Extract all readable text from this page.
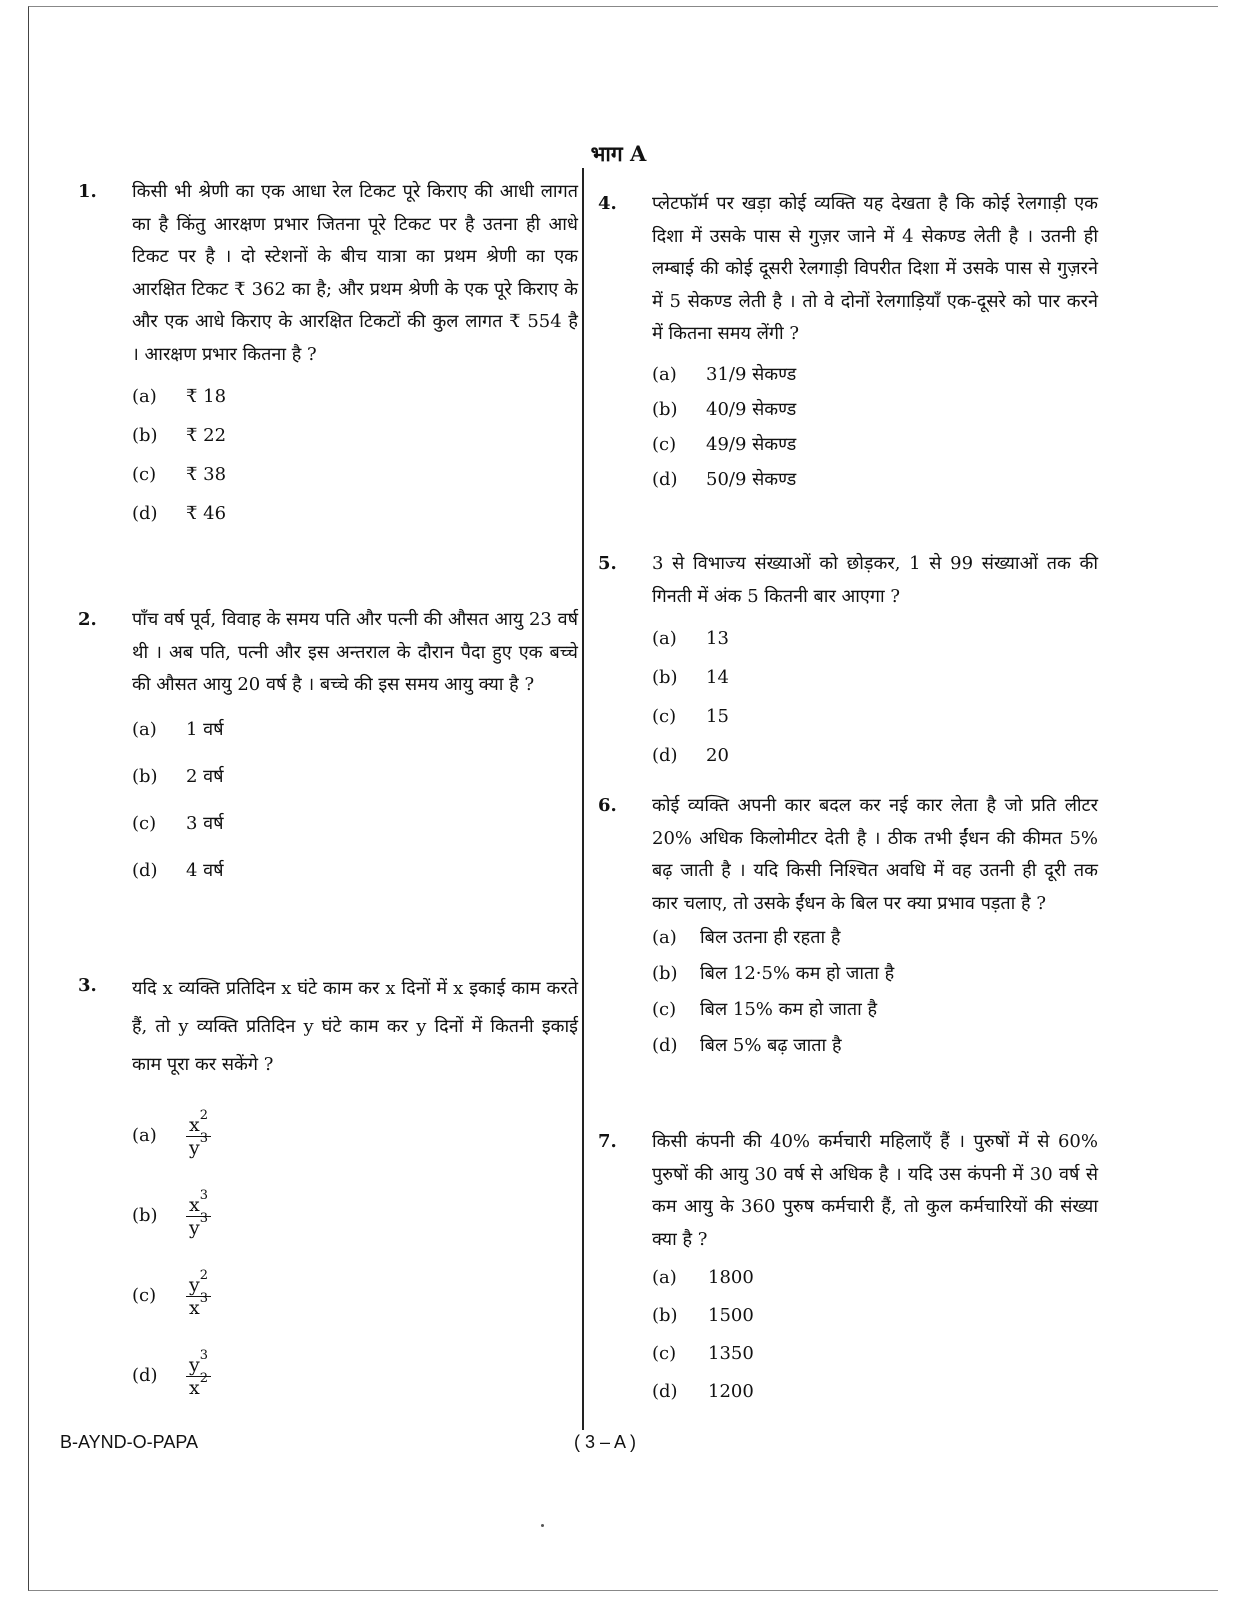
भाग A
1.	किसी भी श्रेणी का एक आधा रेल टिकट पूरे किराए की आधी लागत का है किंतु आरक्षण प्रभार जितना पूरे टिकट पर है उतना ही आधे टिकट पर है । दो स्टेशनों के बीच यात्रा का प्रथम श्रेणी का एक आरक्षित टिकट ₹ 362 का है; और प्रथम श्रेणी के एक पूरे किराए के और एक आधे किराए के आरक्षित टिकटों की कुल लागत ₹ 554 है । आरक्षण प्रभार कितना है ?
(a)	₹ 18
(b)	₹ 22
(c)	₹ 38
(d)	₹ 46
2.	पाँच वर्ष पूर्व, विवाह के समय पति और पत्नी की औसत आयु 23 वर्ष थी । अब पति, पत्नी और इस अन्तराल के दौरान पैदा हुए एक बच्चे की औसत आयु 20 वर्ष है । बच्चे की इस समय आयु क्या है ?
(a)	1 वर्ष
(b)	2 वर्ष
(c)	3 वर्ष
(d)	4 वर्ष
3.	यदि x व्यक्ति प्रतिदिन x घंटे काम कर x दिनों में x इकाई काम करते हैं, तो y व्यक्ति प्रतिदिन y घंटे काम कर y दिनों में कितनी इकाई काम पूरा कर सकेंगे ?
(a)	$\frac{x^2}{y^3}$
(b)	$\frac{x^3}{y^3}$
(c)	$\frac{y^2}{x^3}$
(d)	$\frac{y^3}{x^2}$
4.	प्लेटफॉर्म पर खड़ा कोई व्यक्ति यह देखता है कि कोई रेलगाड़ी एक दिशा में उसके पास से गुज़र जाने में 4 सेकण्ड लेती है । उतनी ही लम्बाई की कोई दूसरी रेलगाड़ी विपरीत दिशा में उसके पास से गुज़रने में 5 सेकण्ड लेती है । तो वे दोनों रेलगाड़ियाँ एक-दूसरे को पार करने में कितना समय लेंगी ?
(a)	31/9 सेकण्ड
(b)	40/9 सेकण्ड
(c)	49/9 सेकण्ड
(d)	50/9 सेकण्ड
5.	3 से विभाज्य संख्याओं को छोड़कर, 1 से 99 संख्याओं तक की गिनती में अंक 5 कितनी बार आएगा ?
(a)	13
(b)	14
(c)	15
(d)	20
6.	कोई व्यक्ति अपनी कार बदल कर नई कार लेता है जो प्रति लीटर 20% अधिक किलोमीटर देती है । ठीक तभी ईंधन की कीमत 5% बढ़ जाती है । यदि किसी निश्चित अवधि में वह उतनी ही दूरी तक कार चलाए, तो उसके ईंधन के बिल पर क्या प्रभाव पड़ता है ?
(a)	बिल उतना ही रहता है
(b)	बिल 12·5% कम हो जाता है
(c)	बिल 15% कम हो जाता है
(d)	बिल 5% बढ़ जाता है
7.	किसी कंपनी की 40% कर्मचारी महिलाएँ हैं । पुरुषों में से 60% पुरुषों की आयु 30 वर्ष से अधिक है । यदि उस कंपनी में 30 वर्ष से कम आयु के 360 पुरुष कर्मचारी हैं, तो कुल कर्मचारियों की संख्या क्या है ?
(a)	1800
(b)	1500
(c)	1350
(d)	1200
B-AYND-O-PAPA	( 3 – A )
